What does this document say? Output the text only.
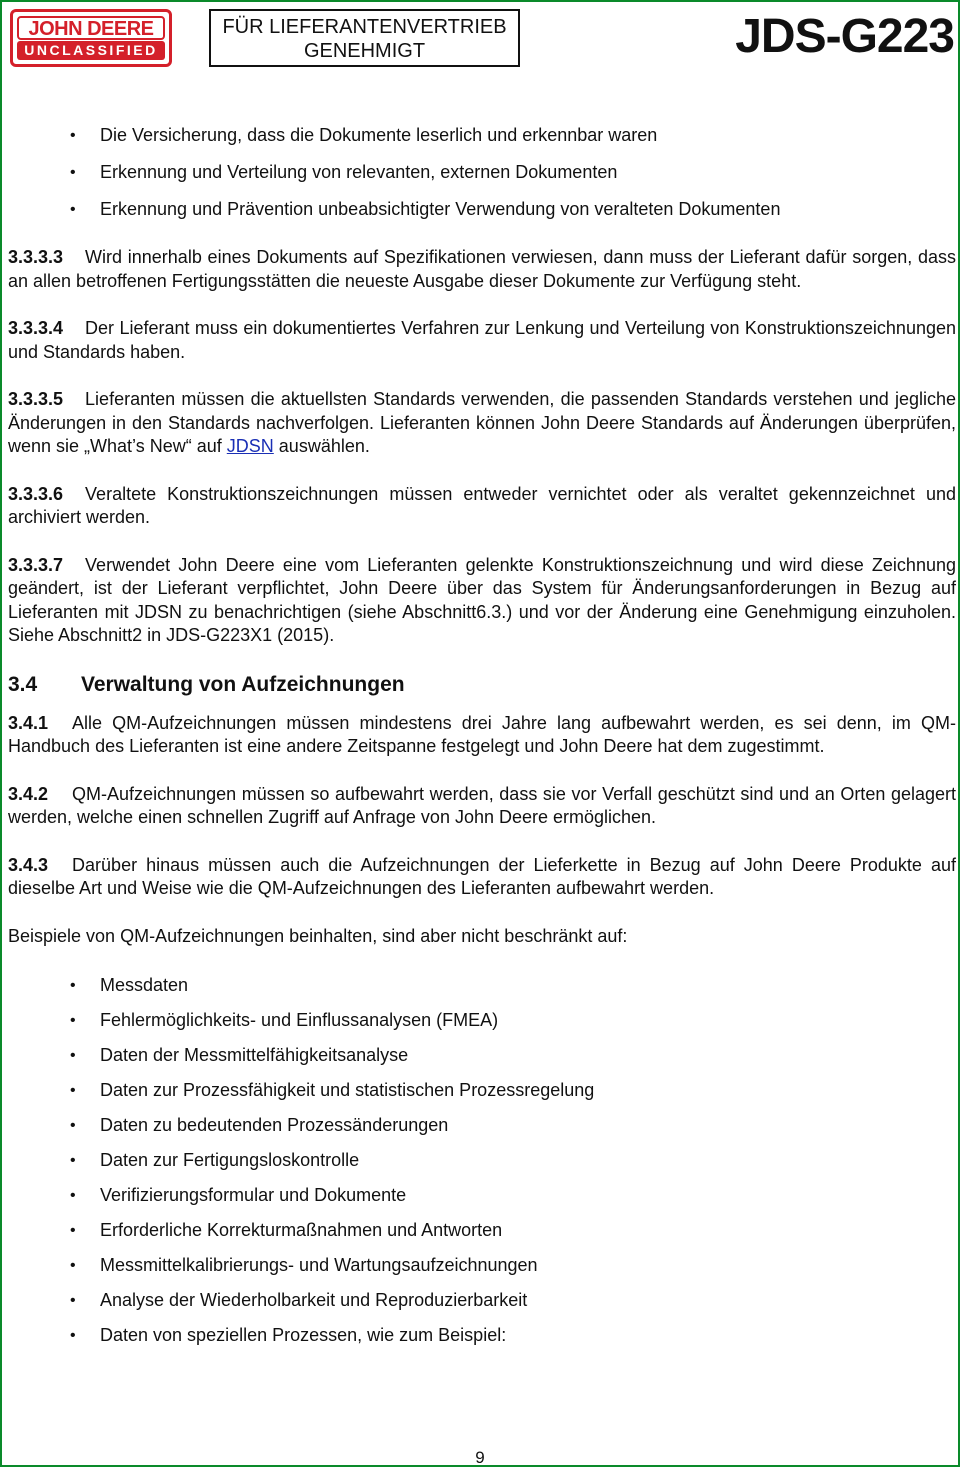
JOHN DEERE
UNCLASSIFIED
FÜR LIEFERANTENVERTRIEB
GENEHMIGT	JDS-G223
• Die Versicherung, dass die Dokumente leserlich und erkennbar waren
• Erkennung und Verteilung von relevanten, externen Dokumenten
• Erkennung und Prävention unbeabsichtigter Verwendung von veralteten Dokumenten

3.3.3.3 Wird innerhalb eines Dokuments auf Spezifikationen verwiesen, dann muss der Lieferant dafür sorgen, dass an allen betroffenen Fertigungsstätten die neueste Ausgabe dieser Dokumente zur Verfügung steht.

3.3.3.4 Der Lieferant muss ein dokumentiertes Verfahren zur Lenkung und Verteilung von Konstruktionszeichnungen und Standards haben.

3.3.3.5 Lieferanten müssen die aktuellsten Standards verwenden, die passenden Standards verstehen und jegliche Änderungen in den Standards nachverfolgen. Lieferanten können John Deere Standards auf Änderungen überprüfen, wenn sie „What’s New“ auf JDSN auswählen.

3.3.3.6 Veraltete Konstruktionszeichnungen müssen entweder vernichtet oder als veraltet gekennzeichnet und archiviert werden.

3.3.3.7 Verwendet John Deere eine vom Lieferanten gelenkte Konstruktionszeichnung und wird diese Zeichnung geändert, ist der Lieferant verpflichtet, John Deere über das System für Änderungsanforderungen in Bezug auf Lieferanten mit JDSN zu benachrichtigen (siehe Abschnitt6.3.) und vor der Änderung eine Genehmigung einzuholen. Siehe Abschnitt2 in JDS-G223X1 (2015).

3.4 Verwaltung von Aufzeichnungen

3.4.1 Alle QM-Aufzeichnungen müssen mindestens drei Jahre lang aufbewahrt werden, es sei denn, im QM-Handbuch des Lieferanten ist eine andere Zeitspanne festgelegt und John Deere hat dem zugestimmt.

3.4.2 QM-Aufzeichnungen müssen so aufbewahrt werden, dass sie vor Verfall geschützt sind und an Orten gelagert werden, welche einen schnellen Zugriff auf Anfrage von John Deere ermöglichen.

3.4.3 Darüber hinaus müssen auch die Aufzeichnungen der Lieferkette in Bezug auf John Deere Produkte auf dieselbe Art und Weise wie die QM-Aufzeichnungen des Lieferanten aufbewahrt werden.

Beispiele von QM-Aufzeichnungen beinhalten, sind aber nicht beschränkt auf:

• Messdaten
• Fehlermöglichkeits- und Einflussanalysen (FMEA)
• Daten der Messmittelfähigkeitsanalyse
• Daten zur Prozessfähigkeit und statistischen Prozessregelung
• Daten zu bedeutenden Prozessänderungen
• Daten zur Fertigungsloskontrolle
• Verifizierungsformular und Dokumente
• Erforderliche Korrekturmaßnahmen und Antworten
• Messmittelkalibrierungs- und Wartungsaufzeichnungen
• Analyse der Wiederholbarkeit und Reproduzierbarkeit
• Daten von speziellen Prozessen, wie zum Beispiel:
9
